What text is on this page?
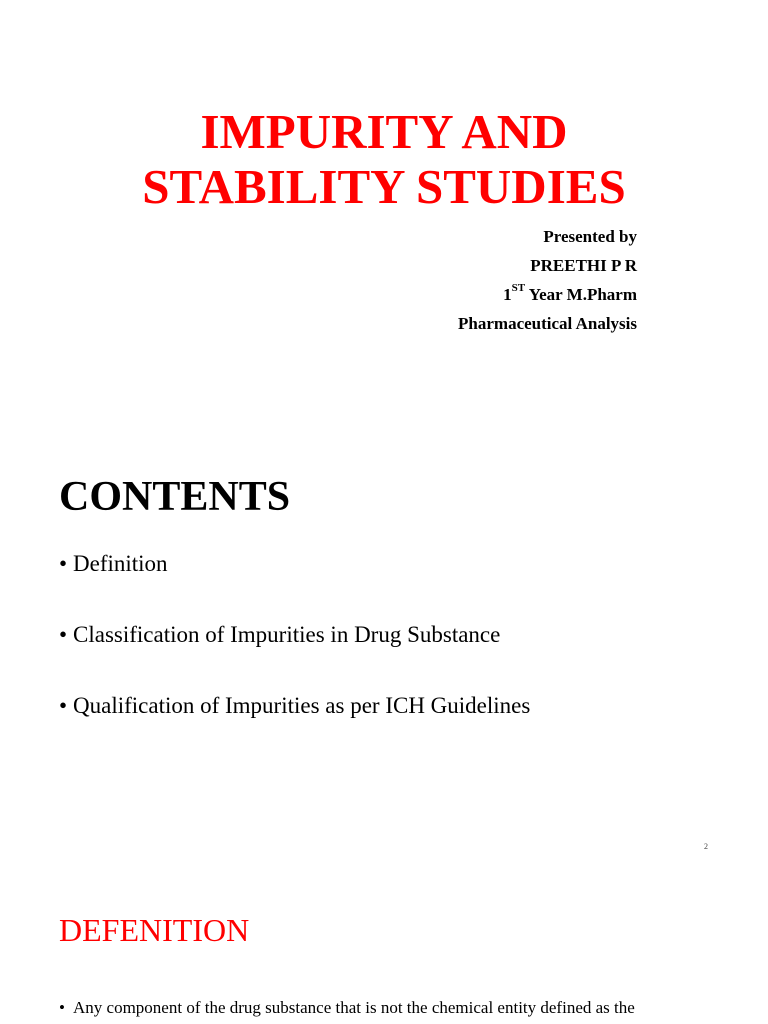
IMPURITY AND
STABILITY STUDIES
Presented by
PREETHI P R
1ST Year M.Pharm
Pharmaceutical Analysis
CONTENTS
• Definition
• Classification of Impurities in Drug Substance
• Qualification of Impurities as per ICH Guidelines
2
DEFENITION
• Any component of the drug substance that is not the chemical entity defined as the
